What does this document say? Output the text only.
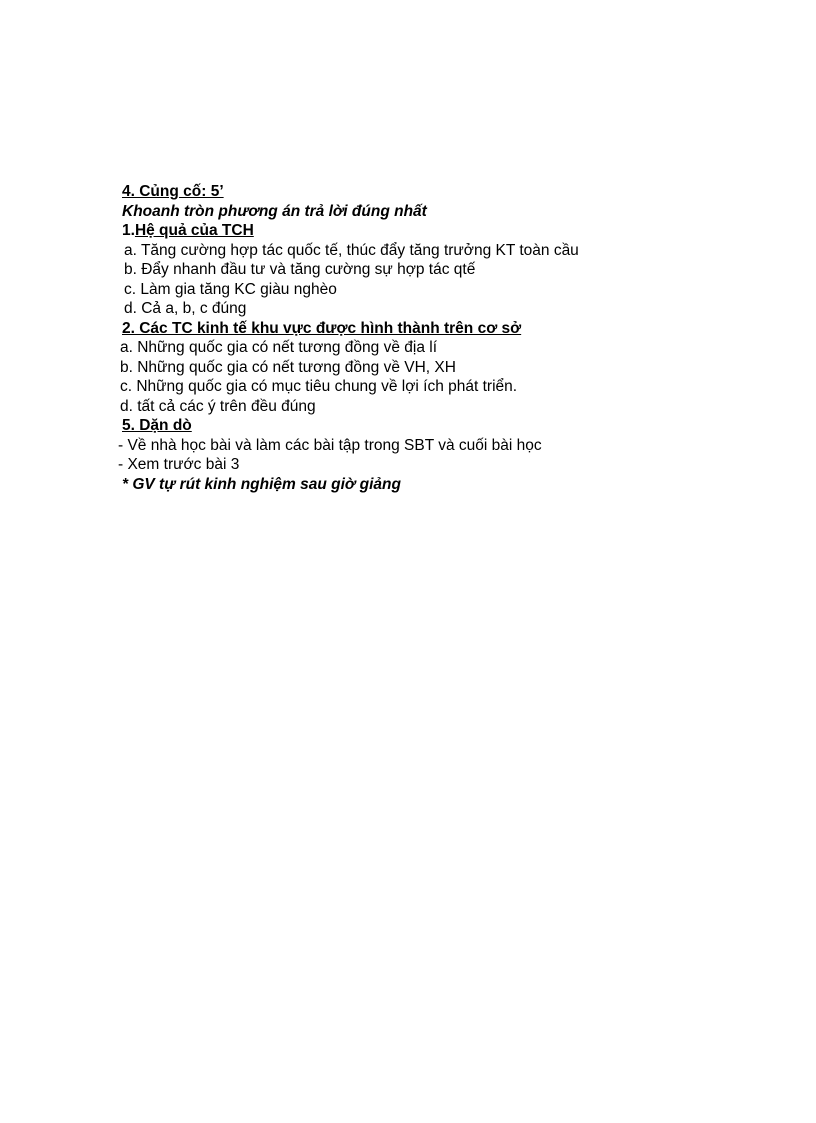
4. Củng cố: 5’

Khoanh tròn phương án trả lời đúng nhất

1.Hệ quả của TCH

a. Tăng cường hợp tác quốc tế, thúc đẩy tăng trưởng KT toàn cầu

b. Đẩy nhanh đầu tư và tăng cường sự hợp tác qtế

c. Làm gia tăng KC giàu nghèo

d. Cả a, b, c đúng

2. Các TC kinh tế khu vực được hình thành trên cơ sở

a. Những quốc gia có nết tương đồng về địa lí

b. Những quốc gia có nết tương đồng về VH, XH

c. Những quốc gia có mục tiêu chung về lợi ích phát triển.

d. tất cả các ý trên đều đúng

5. Dặn dò

- Về nhà học bài và làm các bài tập trong SBT và cuối bài học

- Xem trước bài 3

* GV tự rút kinh nghiệm sau giờ giảng
